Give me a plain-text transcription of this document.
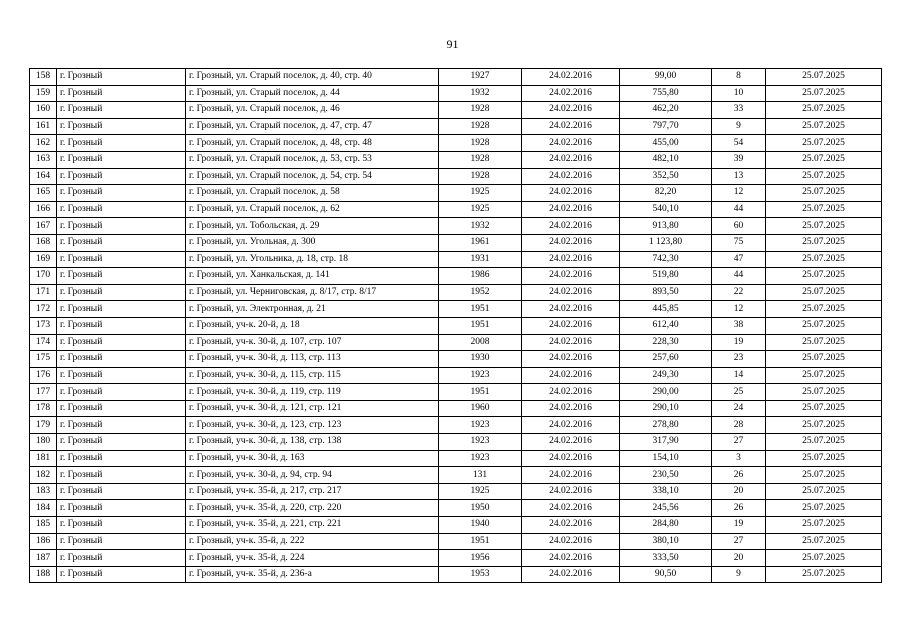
91
158	г. Грозный	г. Грозный, ул. Старый поселок, д. 40, стр. 40	1927	24.02.2016	99,00	8	25.07.2025
159	г. Грозный	г. Грозный, ул. Старый поселок, д. 44	1932	24.02.2016	755,80	10	25.07.2025
160	г. Грозный	г. Грозный, ул. Старый поселок, д. 46	1928	24.02.2016	462,20	33	25.07.2025
161	г. Грозный	г. Грозный, ул. Старый поселок, д. 47, стр. 47	1928	24.02.2016	797,70	9	25.07.2025
162	г. Грозный	г. Грозный, ул. Старый поселок, д. 48, стр. 48	1928	24.02.2016	455,00	54	25.07.2025
163	г. Грозный	г. Грозный, ул. Старый поселок, д. 53, стр. 53	1928	24.02.2016	482,10	39	25.07.2025
164	г. Грозный	г. Грозный, ул. Старый поселок, д. 54, стр. 54	1928	24.02.2016	352,50	13	25.07.2025
165	г. Грозный	г. Грозный, ул. Старый поселок, д. 58	1925	24.02.2016	82,20	12	25.07.2025
166	г. Грозный	г. Грозный, ул. Старый поселок, д. 62	1925	24.02.2016	540,10	44	25.07.2025
167	г. Грозный	г. Грозный, ул. Тобольская, д. 29	1932	24.02.2016	913,80	60	25.07.2025
168	г. Грозный	г. Грозный, ул. Угольная, д. 300	1961	24.02.2016	1 123,80	75	25.07.2025
169	г. Грозный	г. Грозный, ул. Угольника, д. 18, стр. 18	1931	24.02.2016	742,30	47	25.07.2025
170	г. Грозный	г. Грозный, ул. Ханкальская, д. 141	1986	24.02.2016	519,80	44	25.07.2025
171	г. Грозный	г. Грозный, ул. Черниговская, д. 8/17, стр. 8/17	1952	24.02.2016	893,50	22	25.07.2025
172	г. Грозный	г. Грозный, ул. Электронная, д. 21	1951	24.02.2016	445,85	12	25.07.2025
173	г. Грозный	г. Грозный, уч-к. 20-й, д. 18	1951	24.02.2016	612,40	38	25.07.2025
174	г. Грозный	г. Грозный, уч-к. 30-й, д. 107, стр. 107	2008	24.02.2016	228,30	19	25.07.2025
175	г. Грозный	г. Грозный, уч-к. 30-й, д. 113, стр. 113	1930	24.02.2016	257,60	23	25.07.2025
176	г. Грозный	г. Грозный, уч-к. 30-й, д. 115, стр. 115	1923	24.02.2016	249,30	14	25.07.2025
177	г. Грозный	г. Грозный, уч-к. 30-й, д. 119, стр. 119	1951	24.02.2016	290,00	25	25.07.2025
178	г. Грозный	г. Грозный, уч-к. 30-й, д. 121, стр. 121	1960	24.02.2016	290,10	24	25.07.2025
179	г. Грозный	г. Грозный, уч-к. 30-й, д. 123, стр. 123	1923	24.02.2016	278,80	28	25.07.2025
180	г. Грозный	г. Грозный, уч-к. 30-й, д. 138, стр. 138	1923	24.02.2016	317,90	27	25.07.2025
181	г. Грозный	г. Грозный, уч-к. 30-й, д. 163	1923	24.02.2016	154,10	3	25.07.2025
182	г. Грозный	г. Грозный, уч-к. 30-й, д. 94, стр. 94	131	24.02.2016	230,50	26	25.07.2025
183	г. Грозный	г. Грозный, уч-к. 35-й, д. 217, стр. 217	1925	24.02.2016	338,10	20	25.07.2025
184	г. Грозный	г. Грозный, уч-к. 35-й, д. 220, стр. 220	1950	24.02.2016	245,56	26	25.07.2025
185	г. Грозный	г. Грозный, уч-к. 35-й, д. 221, стр. 221	1940	24.02.2016	284,80	19	25.07.2025
186	г. Грозный	г. Грозный, уч-к. 35-й, д. 222	1951	24.02.2016	380,10	27	25.07.2025
187	г. Грозный	г. Грозный, уч-к. 35-й, д. 224	1956	24.02.2016	333,50	20	25.07.2025
188	г. Грозный	г. Грозный, уч-к. 35-й, д. 236-а	1953	24.02.2016	90,50	9	25.07.2025
